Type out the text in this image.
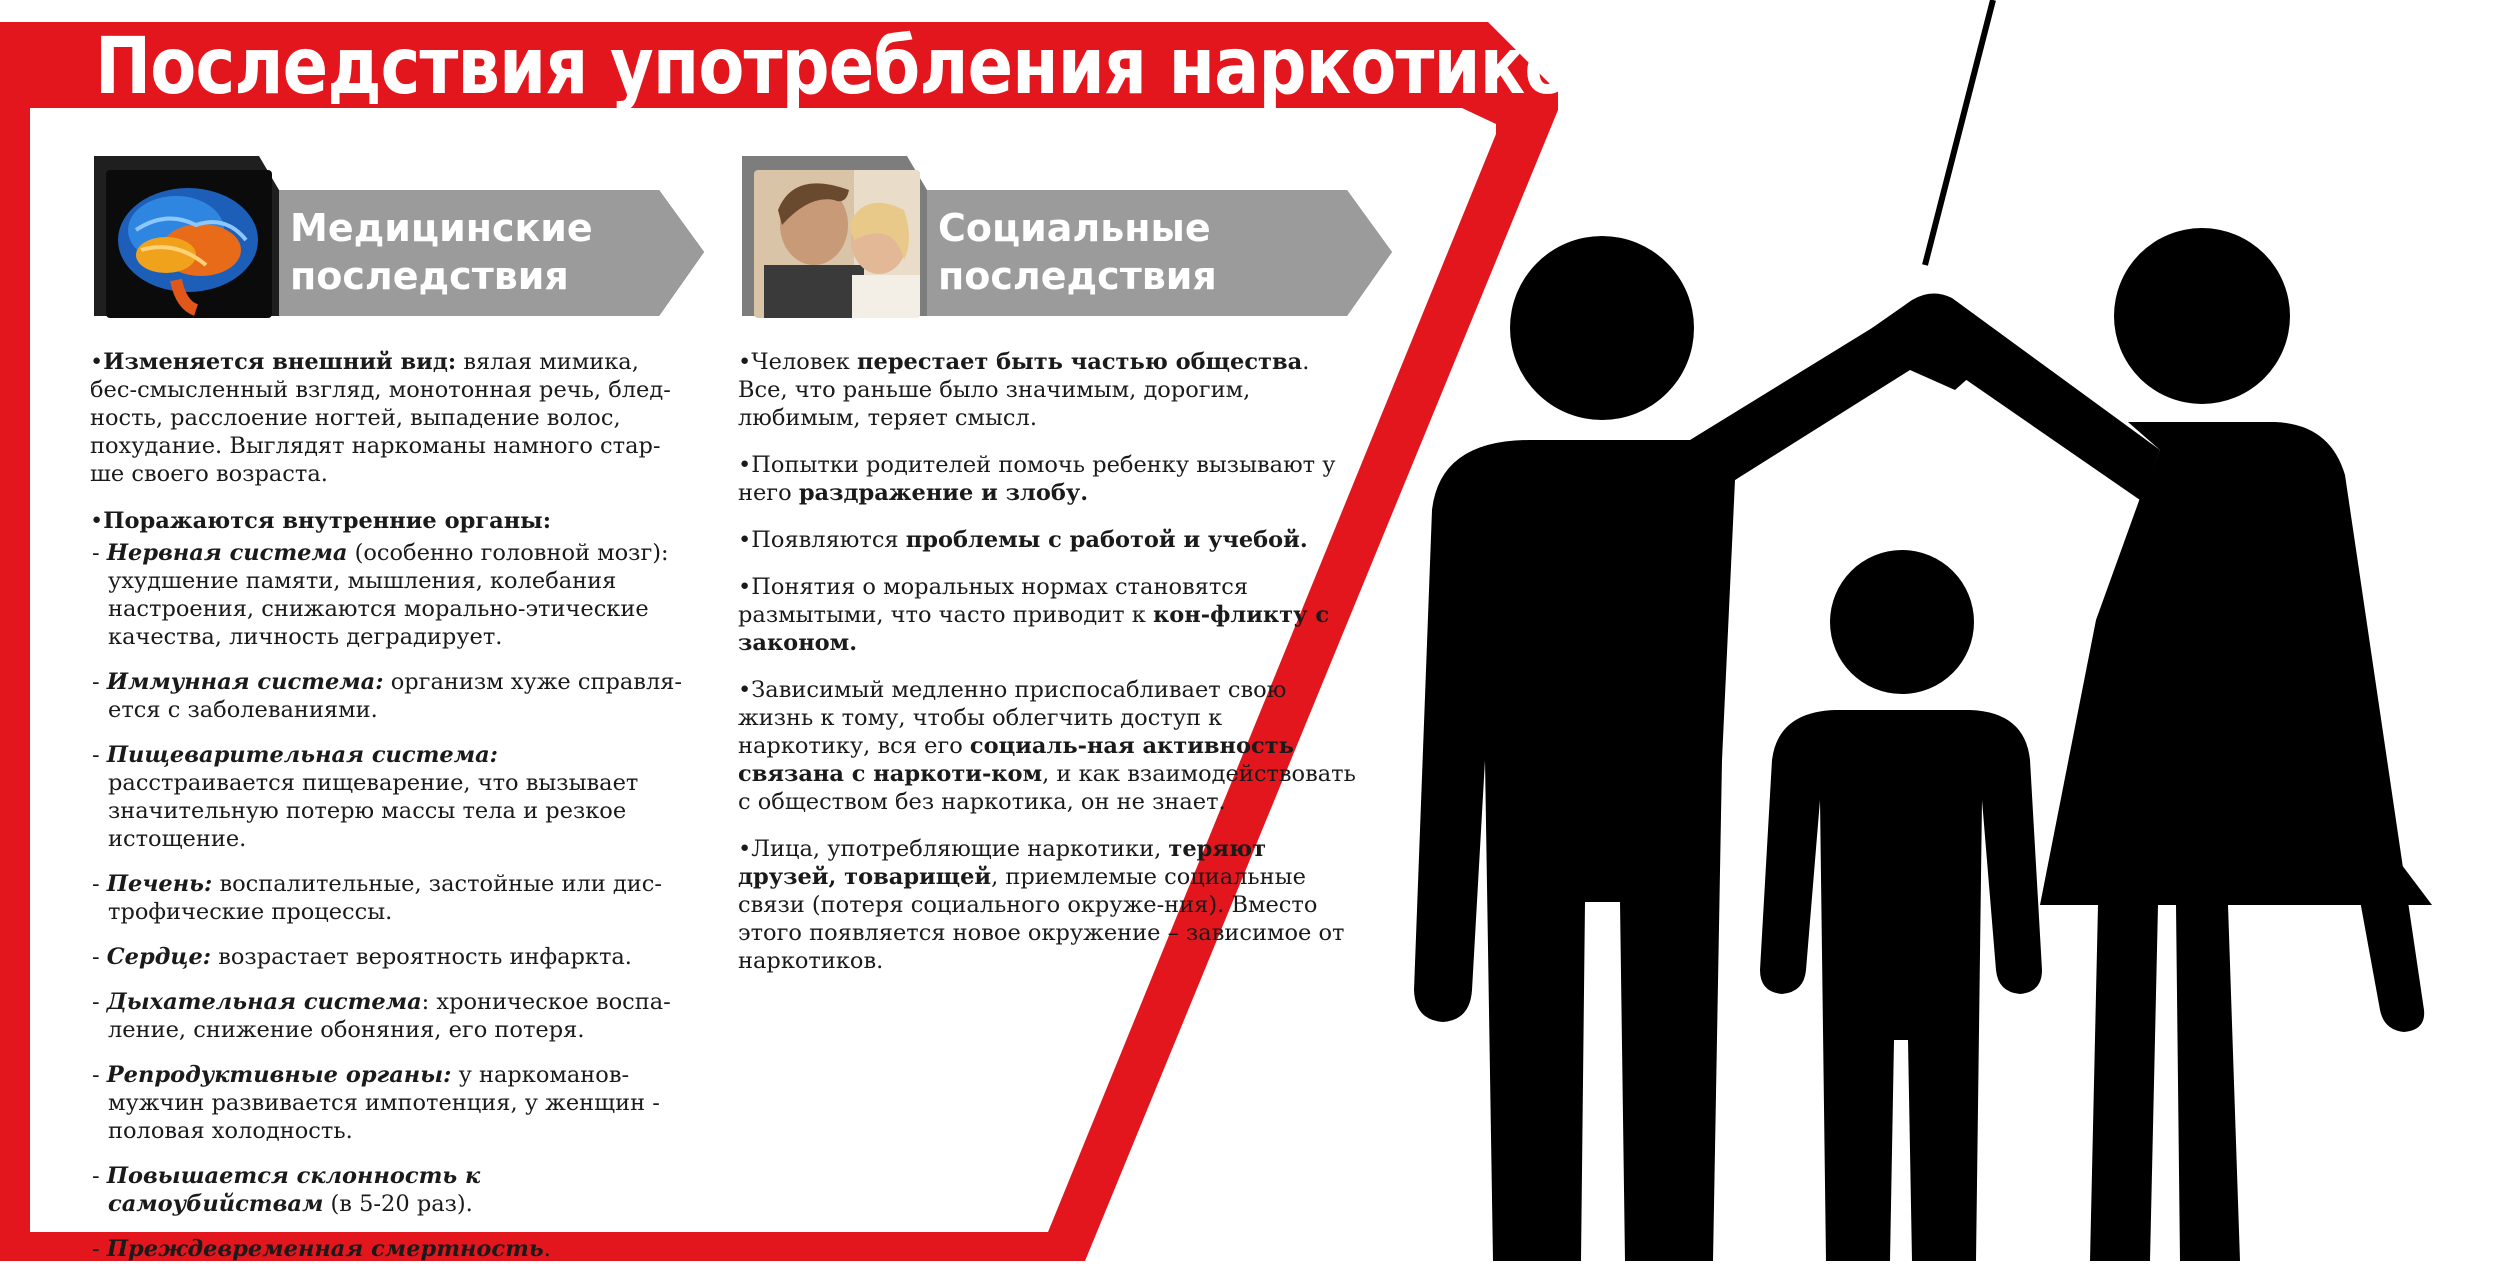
Последствия употребления наркотиков
Медицинские
последствия
Социальные
последствия

•Изменяется внешний вид: вялая мимика, бес-смысленный взгляд, монотонная речь, блед-ность, расслоение ногтей, выпадение волос, похудание. Выглядят наркоманы намного стар-ше своего возраста.

•Поражаются внутренние органы:

- Нервная система (особенно головной мозг): ухудшение памяти, мышления, колебания настроения, снижаются морально-этические качества, личность деградирует.

- Иммунная система: организм хуже справля-ется с заболеваниями.

- Пищеварительная система: расстраивается пищеварение, что вызывает значительную потерю массы тела и резкое истощение.

- Печень: воспалительные, застойные или дис-трофические процессы.

- Сердце: возрастает вероятность инфаркта.

- Дыхательная система: хроническое воспа-ление, снижение обоняния, его потеря.

- Репродуктивные органы: у наркоманов-мужчин развивается импотенция, у женщин - половая холодность.

- Повышается склонность к самоубийствам (в 5-20 раз).

- Преждевременная смертность.

•Человек перестает быть частью общества. Все, что раньше было значимым, дорогим, любимым, теряет смысл.

•Попытки родителей помочь ребенку вызывают у него раздражение и злобу.

•Появляются проблемы с работой и учебой.

•Понятия о моральных нормах становятся размытыми, что часто приводит к кон-фликту с законом.

•Зависимый медленно приспосабливает свою жизнь к тому, чтобы облегчить доступ к наркотику, вся его социаль-ная активность связана с наркоти-ком, и как взаимодействовать с обществом без наркотика, он не знает.

•Лица, употребляющие наркотики, теряют друзей, товарищей, приемлемые социальные связи (потеря социального окруже-ния). Вместо этого появляется новое окружение – зависимое от наркотиков.
